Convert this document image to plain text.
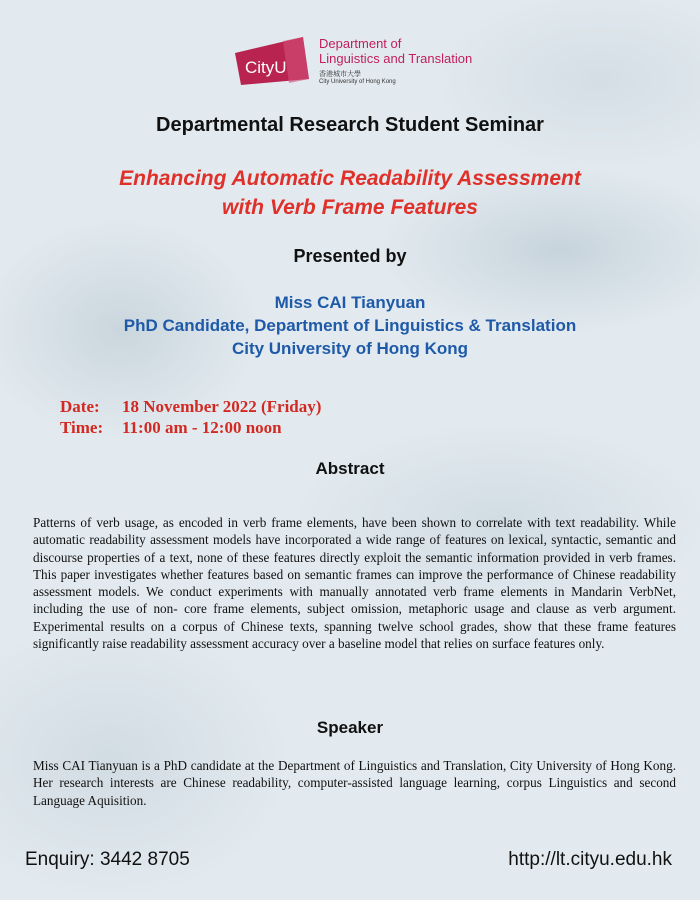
CityU
Department of
Linguistics and Translation
香港城市大學
City University of Hong Kong
Departmental Research Student Seminar
Enhancing Automatic Readability Assessment
with Verb Frame Features
Presented by
Miss CAI Tianyuan
PhD Candidate, Department of Linguistics & Translation
City University of Hong Kong
Date: 18 November 2022 (Friday)
Time: 11:00 am - 12:00 noon
Abstract
Patterns of verb usage, as encoded in verb frame elements, have been shown to correlate with text readability. While automatic readability assessment models have incorporated a wide range of features on lexical, syntactic, semantic and discourse properties of a text, none of these features directly exploit the semantic information provided in verb frames. This paper investigates whether features based on semantic frames can improve the performance of Chinese readability assessment models. We conduct experiments with manually annotated verb frame elements in Mandarin VerbNet, including the use of non- core frame elements, subject omission, metaphoric usage and clause as verb argument. Experimental results on a corpus of Chinese texts, spanning twelve school grades, show that these frame features significantly raise readability assessment accuracy over a baseline model that relies on surface features only.
Speaker
Miss CAI Tianyuan is a PhD candidate at the Department of Linguistics and Translation, City University of Hong Kong. Her research interests are Chinese readability, computer-assisted language learning, corpus Linguistics and second Language Aquisition.
Enquiry: 3442 8705	http://lt.cityu.edu.hk
